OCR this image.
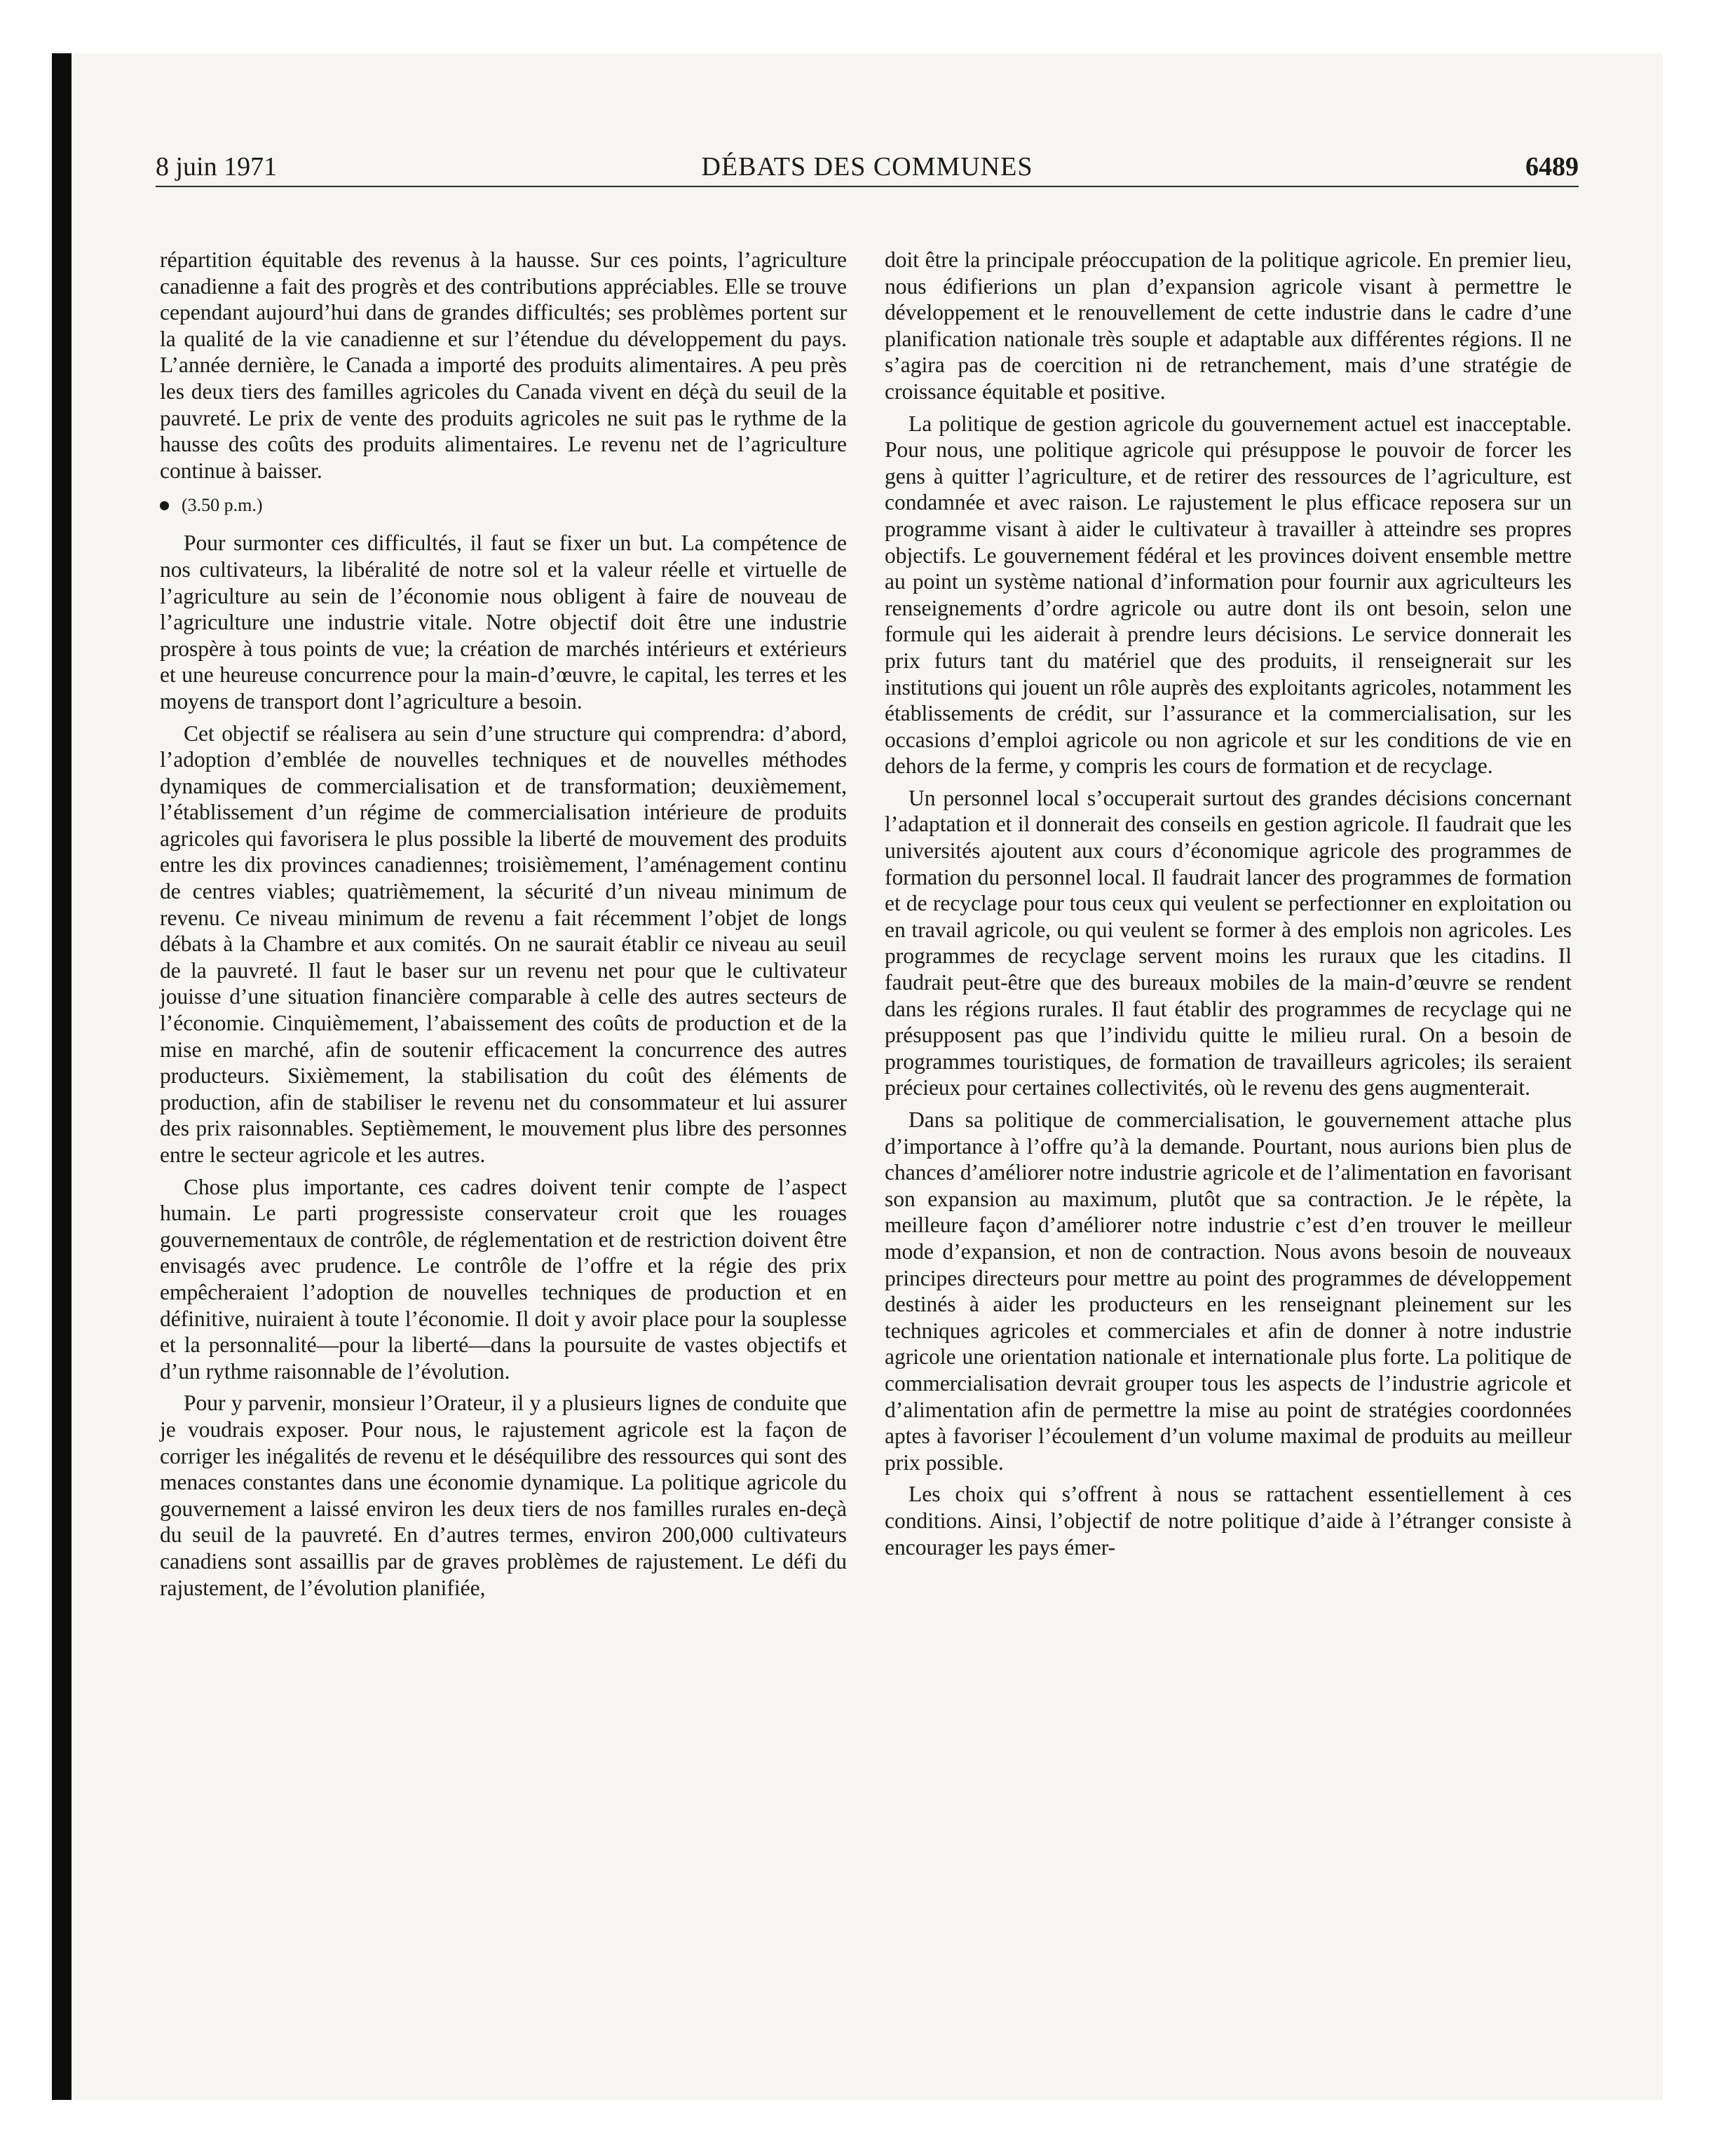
8 juin 1971	DÉBATS DES COMMUNES	6489

répartition équitable des revenus à la hausse. Sur ces points, l’agriculture canadienne a fait des progrès et des contributions appréciables. Elle se trouve cependant aujourd’hui dans de grandes difficultés; ses problèmes portent sur la qualité de la vie canadienne et sur l’étendue du développement du pays. L’année dernière, le Canada a importé des produits alimentaires. A peu près les deux tiers des familles agricoles du Canada vivent en déçà du seuil de la pauvreté. Le prix de vente des produits agricoles ne suit pas le rythme de la hausse des coûts des produits alimentaires. Le revenu net de l’agriculture continue à baisser.

(3.50 p.m.)

Pour surmonter ces difficultés, il faut se fixer un but. La compétence de nos cultivateurs, la libéralité de notre sol et la valeur réelle et virtuelle de l’agriculture au sein de l’économie nous obligent à faire de nouveau de l’agriculture une industrie vitale. Notre objectif doit être une industrie prospère à tous points de vue; la création de marchés intérieurs et extérieurs et une heureuse concurrence pour la main-d’œuvre, le capital, les terres et les moyens de transport dont l’agriculture a besoin.

Cet objectif se réalisera au sein d’une structure qui comprendra: d’abord, l’adoption d’emblée de nouvelles techniques et de nouvelles méthodes dynamiques de commercialisation et de transformation; deuxièmement, l’établissement d’un régime de commercialisation intérieure de produits agricoles qui favorisera le plus possible la liberté de mouvement des produits entre les dix provinces canadiennes; troisièmement, l’aménagement continu de centres viables; quatrièmement, la sécurité d’un niveau minimum de revenu. Ce niveau minimum de revenu a fait récemment l’objet de longs débats à la Chambre et aux comités. On ne saurait établir ce niveau au seuil de la pauvreté. Il faut le baser sur un revenu net pour que le cultivateur jouisse d’une situation financière comparable à celle des autres secteurs de l’économie. Cinquièmement, l’abaissement des coûts de production et de la mise en marché, afin de soutenir efficacement la concurrence des autres producteurs. Sixièmement, la stabilisation du coût des éléments de production, afin de stabiliser le revenu net du consommateur et lui assurer des prix raisonnables. Septièmement, le mouvement plus libre des personnes entre le secteur agricole et les autres.

Chose plus importante, ces cadres doivent tenir compte de l’aspect humain. Le parti progressiste conservateur croit que les rouages gouvernementaux de contrôle, de réglementation et de restriction doivent être envisagés avec prudence. Le contrôle de l’offre et la régie des prix empêcheraient l’adoption de nouvelles techniques de production et en définitive, nuiraient à toute l’économie. Il doit y avoir place pour la souplesse et la personnalité—pour la liberté—dans la poursuite de vastes objectifs et d’un rythme raisonnable de l’évolution.

Pour y parvenir, monsieur l’Orateur, il y a plusieurs lignes de conduite que je voudrais exposer. Pour nous, le rajustement agricole est la façon de corriger les inégalités de revenu et le déséquilibre des ressources qui sont des menaces constantes dans une économie dynamique. La politique agricole du gouvernement a laissé environ les deux tiers de nos familles rurales en-deçà du seuil de la pauvreté. En d’autres termes, environ 200,000 cultivateurs canadiens sont assaillis par de graves problèmes de rajustement. Le défi du rajustement, de l’évolution planifiée,

doit être la principale préoccupation de la politique agricole. En premier lieu, nous édifierions un plan d’expansion agricole visant à permettre le développement et le renouvellement de cette industrie dans le cadre d’une planification nationale très souple et adaptable aux différentes régions. Il ne s’agira pas de coercition ni de retranchement, mais d’une stratégie de croissance équitable et positive.

La politique de gestion agricole du gouvernement actuel est inacceptable. Pour nous, une politique agricole qui présuppose le pouvoir de forcer les gens à quitter l’agriculture, et de retirer des ressources de l’agriculture, est condamnée et avec raison. Le rajustement le plus efficace reposera sur un programme visant à aider le cultivateur à travailler à atteindre ses propres objectifs. Le gouvernement fédéral et les provinces doivent ensemble mettre au point un système national d’information pour fournir aux agriculteurs les renseignements d’ordre agricole ou autre dont ils ont besoin, selon une formule qui les aiderait à prendre leurs décisions. Le service donnerait les prix futurs tant du matériel que des produits, il renseignerait sur les institutions qui jouent un rôle auprès des exploitants agricoles, notamment les établissements de crédit, sur l’assurance et la commercialisation, sur les occasions d’emploi agricole ou non agricole et sur les conditions de vie en dehors de la ferme, y compris les cours de formation et de recyclage.

Un personnel local s’occuperait surtout des grandes décisions concernant l’adaptation et il donnerait des conseils en gestion agricole. Il faudrait que les universités ajoutent aux cours d’économique agricole des programmes de formation du personnel local. Il faudrait lancer des programmes de formation et de recyclage pour tous ceux qui veulent se perfectionner en exploitation ou en travail agricole, ou qui veulent se former à des emplois non agricoles. Les programmes de recyclage servent moins les ruraux que les citadins. Il faudrait peut-être que des bureaux mobiles de la main-d’œuvre se rendent dans les régions rurales. Il faut établir des programmes de recyclage qui ne présupposent pas que l’individu quitte le milieu rural. On a besoin de programmes touristiques, de formation de travailleurs agricoles; ils seraient précieux pour certaines collectivités, où le revenu des gens augmenterait.

Dans sa politique de commercialisation, le gouvernement attache plus d’importance à l’offre qu’à la demande. Pourtant, nous aurions bien plus de chances d’améliorer notre industrie agricole et de l’alimentation en favorisant son expansion au maximum, plutôt que sa contraction. Je le répète, la meilleure façon d’améliorer notre industrie c’est d’en trouver le meilleur mode d’expansion, et non de contraction. Nous avons besoin de nouveaux principes directeurs pour mettre au point des programmes de développement destinés à aider les producteurs en les renseignant pleinement sur les techniques agricoles et commerciales et afin de donner à notre industrie agricole une orientation nationale et internationale plus forte. La politique de commercialisation devrait grouper tous les aspects de l’industrie agricole et d’alimentation afin de permettre la mise au point de stratégies coordonnées aptes à favoriser l’écoulement d’un volume maximal de produits au meilleur prix possible.

Les choix qui s’offrent à nous se rattachent essentiellement à ces conditions. Ainsi, l’objectif de notre politique d’aide à l’étranger consiste à encourager les pays émer-
